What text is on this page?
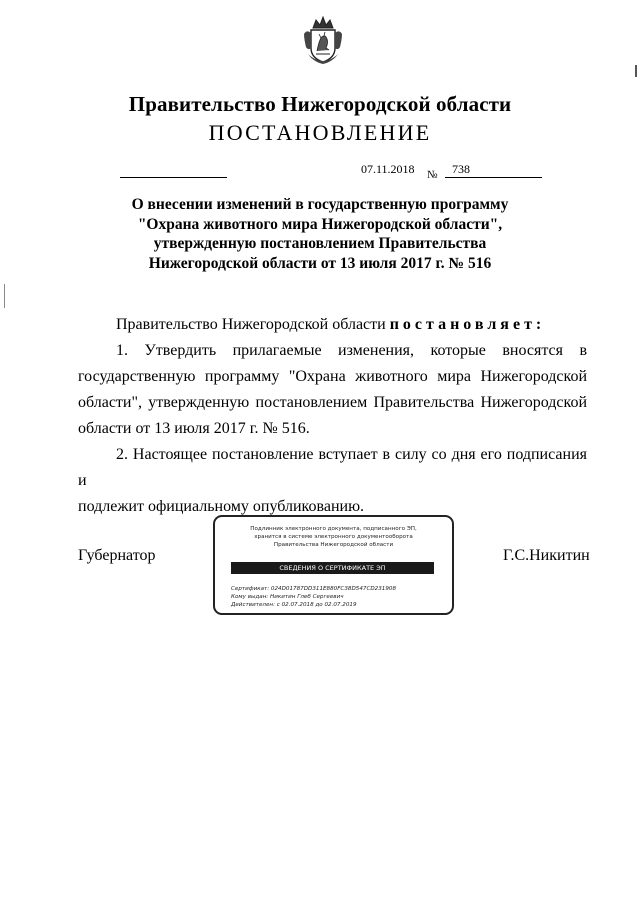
Правительство Нижегородской области
ПОСТАНОВЛЕНИЕ
07.11.2018 № 738
О внесении изменений в государственную программу
"Охрана животного мира Нижегородской области",
утвержденную постановлением Правительства
Нижегородской области от 13 июля 2017 г. № 516
Правительство Нижегородской области постановляет:
1. Утвердить прилагаемые изменения, которые вносятся в
государственную программу "Охрана животного мира Нижегородской
области", утвержденную постановлением Правительства Нижегородской
области от 13 июля 2017 г. № 516.
2. Настоящее постановление вступает в силу со дня его подписания и
подлежит официальному опубликованию.
Губернатор	Г.С.Никитин
Подлинник электронного документа, подписанного ЭП,
хранится в системе электронного документооборота
Правительства Нижегородской области
СВЕДЕНИЯ О СЕРТИФИКАТЕ ЭП
Сертификат: 024D01787DD311E880FC38D547CD231908
Кому выдан: Никитин Глеб Сергеевич
Действителен: с 02.07.2018 до 02.07.2019
